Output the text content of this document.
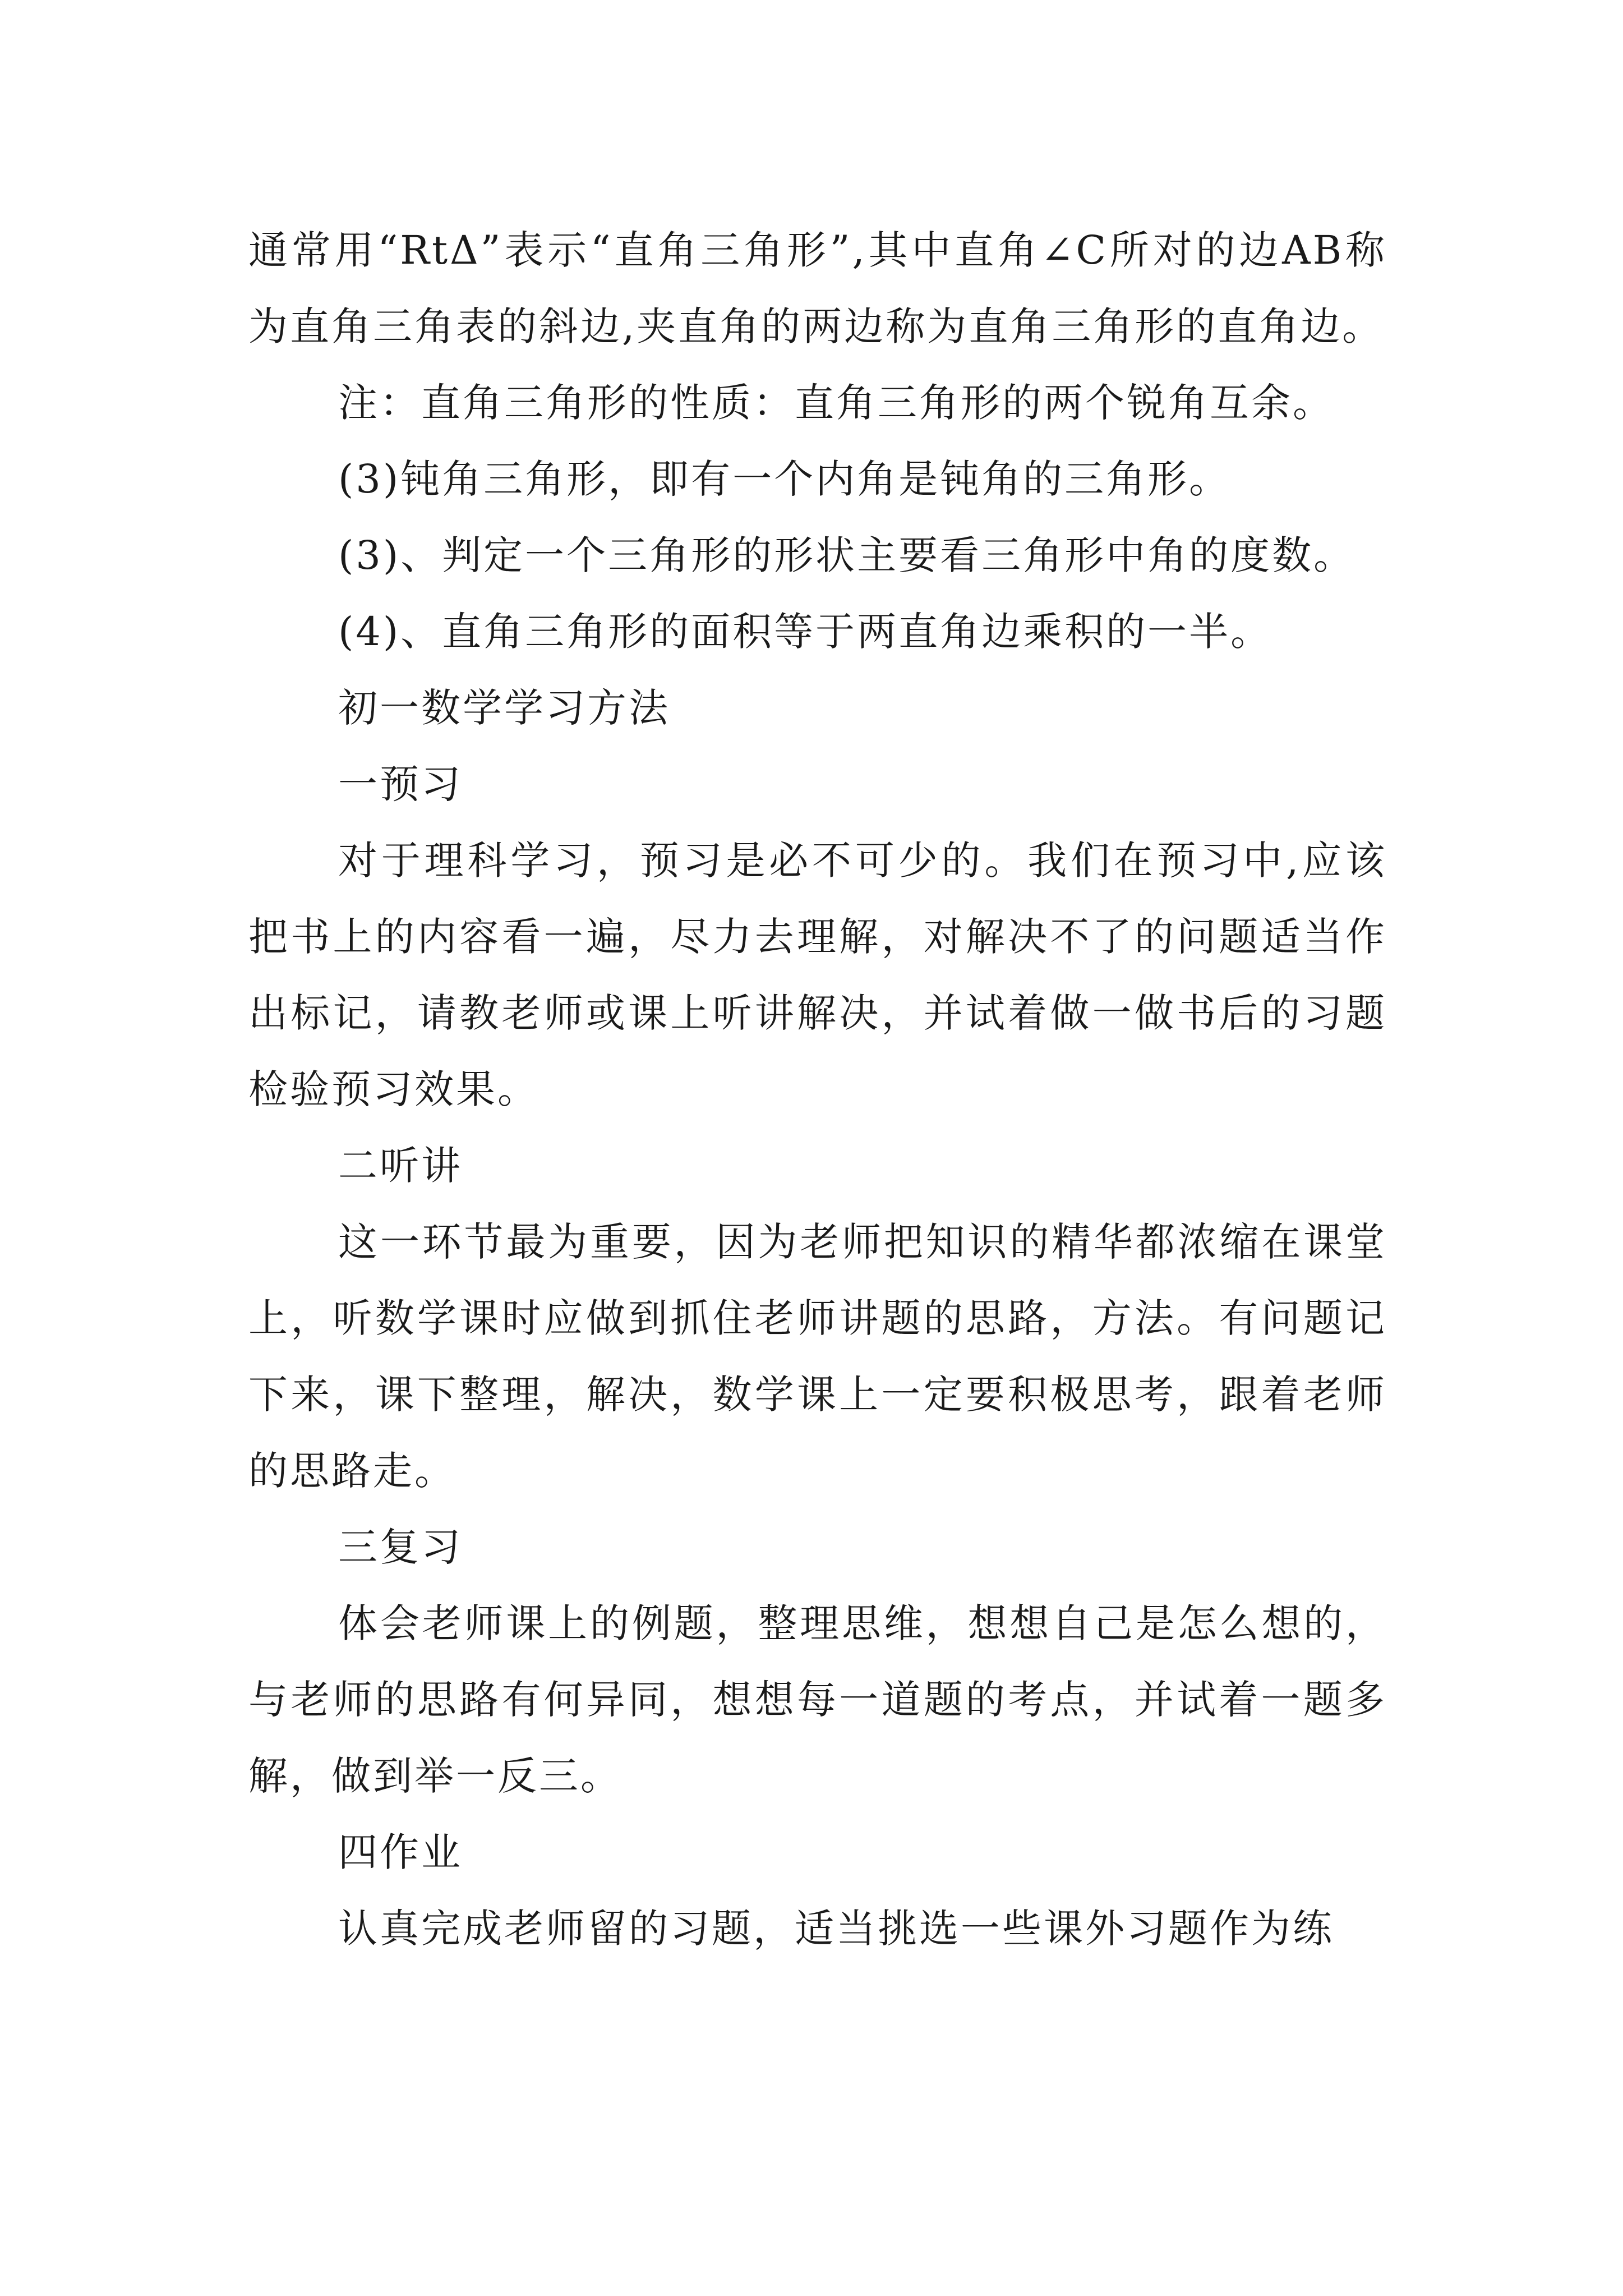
通常用“RtΔ”表示“直角三角形”,其中直角∠C所对的边AB称为直角三角表的斜边,夹直角的两边称为直角三角形的直角边。

注：直角三角形的性质：直角三角形的两个锐角互余。

(3)钝角三角形，即有一个内角是钝角的三角形。

(3)、判定一个三角形的形状主要看三角形中角的度数。

(4)、直角三角形的面积等于两直角边乘积的一半。

初一数学学习方法

一预习

对于理科学习，预习是必不可少的。我们在预习中,应该把书上的内容看一遍，尽力去理解，对解决不了的问题适当作出标记，请教老师或课上听讲解决，并试着做一做书后的习题检验预习效果。

二听讲

这一环节最为重要，因为老师把知识的精华都浓缩在课堂上，听数学课时应做到抓住老师讲题的思路，方法。有问题记下来，课下整理，解决，数学课上一定要积极思考，跟着老师的思路走。

三复习

体会老师课上的例题，整理思维，想想自己是怎么想的，与老师的思路有何异同，想想每一道题的考点，并试着一题多解，做到举一反三。

四作业

认真完成老师留的习题，适当挑选一些课外习题作为练
